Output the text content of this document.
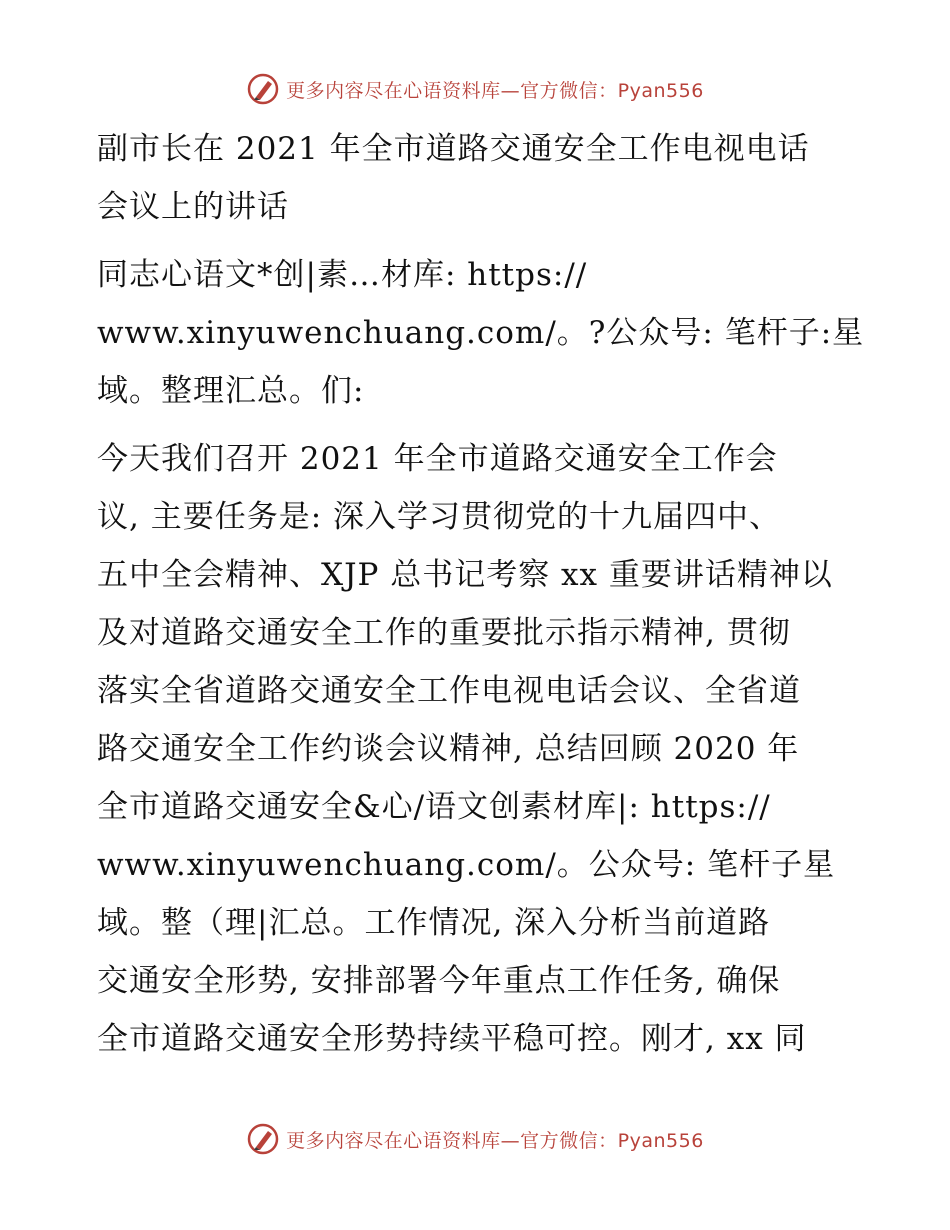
更多内容尽在心语资料库—官方微信：Pyan556
副市长在 2021 年全市道路交通安全工作电视电话
会议上的讲话
同志心语文*创|素…材库: https://
www.xinyuwenchuang.com/。?公众号: 笔杆子:星
域。整理汇总。们:
今天我们召开 2021 年全市道路交通安全工作会
议, 主要任务是: 深入学习贯彻党的十九届四中、
五中全会精神、XJP 总书记考察 xx 重要讲话精神以
及对道路交通安全工作的重要批示指示精神, 贯彻
落实全省道路交通安全工作电视电话会议、全省道
路交通安全工作约谈会议精神, 总结回顾 2020 年
全市道路交通安全&心/语文创素材库|: https://
www.xinyuwenchuang.com/。公众号: 笔杆子星
域。整（理|汇总。工作情况, 深入分析当前道路
交通安全形势, 安排部署今年重点工作任务, 确保
全市道路交通安全形势持续平稳可控。刚才, xx 同
更多内容尽在心语资料库—官方微信：Pyan556
